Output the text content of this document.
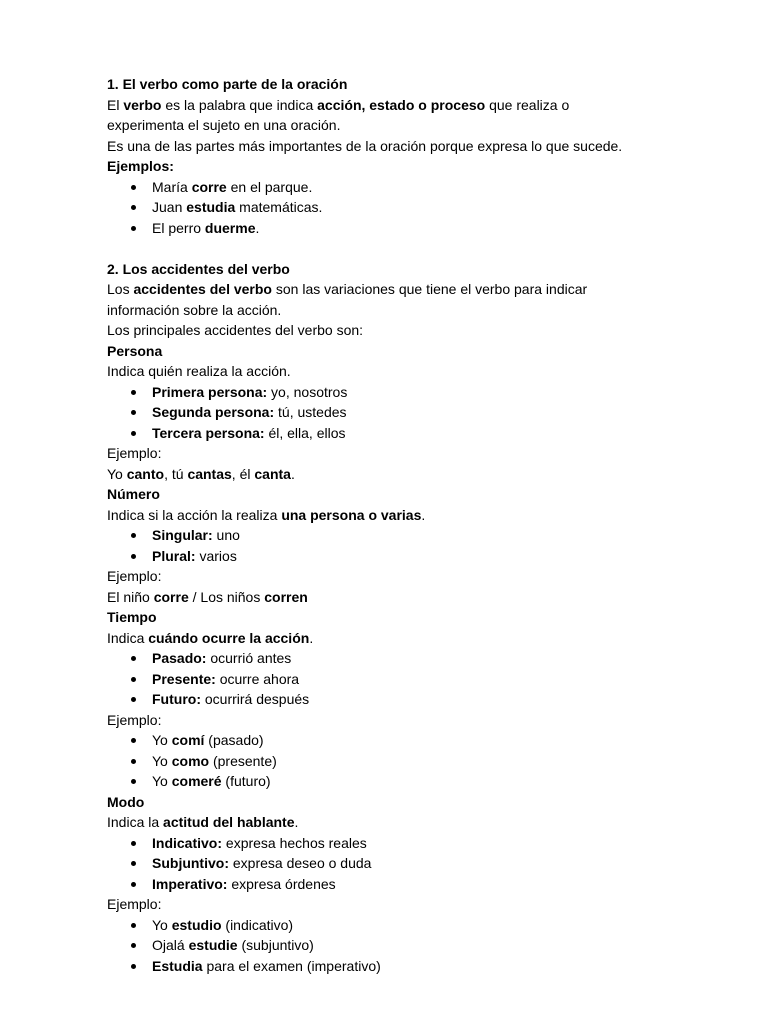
1. El verbo como parte de la oración
El verbo es la palabra que indica acción, estado o proceso que realiza o
experimenta el sujeto en una oración.
Es una de las partes más importantes de la oración porque expresa lo que sucede.
Ejemplos:
María corre en el parque.
Juan estudia matemáticas.
El perro duerme.
2. Los accidentes del verbo
Los accidentes del verbo son las variaciones que tiene el verbo para indicar
información sobre la acción.
Los principales accidentes del verbo son:
Persona
Indica quién realiza la acción.
Primera persona: yo, nosotros
Segunda persona: tú, ustedes
Tercera persona: él, ella, ellos
Ejemplo:
Yo canto, tú cantas, él canta.
Número
Indica si la acción la realiza una persona o varias.
Singular: uno
Plural: varios
Ejemplo:
El niño corre / Los niños corren
Tiempo
Indica cuándo ocurre la acción.
Pasado: ocurrió antes
Presente: ocurre ahora
Futuro: ocurrirá después
Ejemplo:
Yo comí (pasado)
Yo como (presente)
Yo comeré (futuro)
Modo
Indica la actitud del hablante.
Indicativo: expresa hechos reales
Subjuntivo: expresa deseo o duda
Imperativo: expresa órdenes
Ejemplo:
Yo estudio (indicativo)
Ojalá estudie (subjuntivo)
Estudia para el examen (imperativo)
